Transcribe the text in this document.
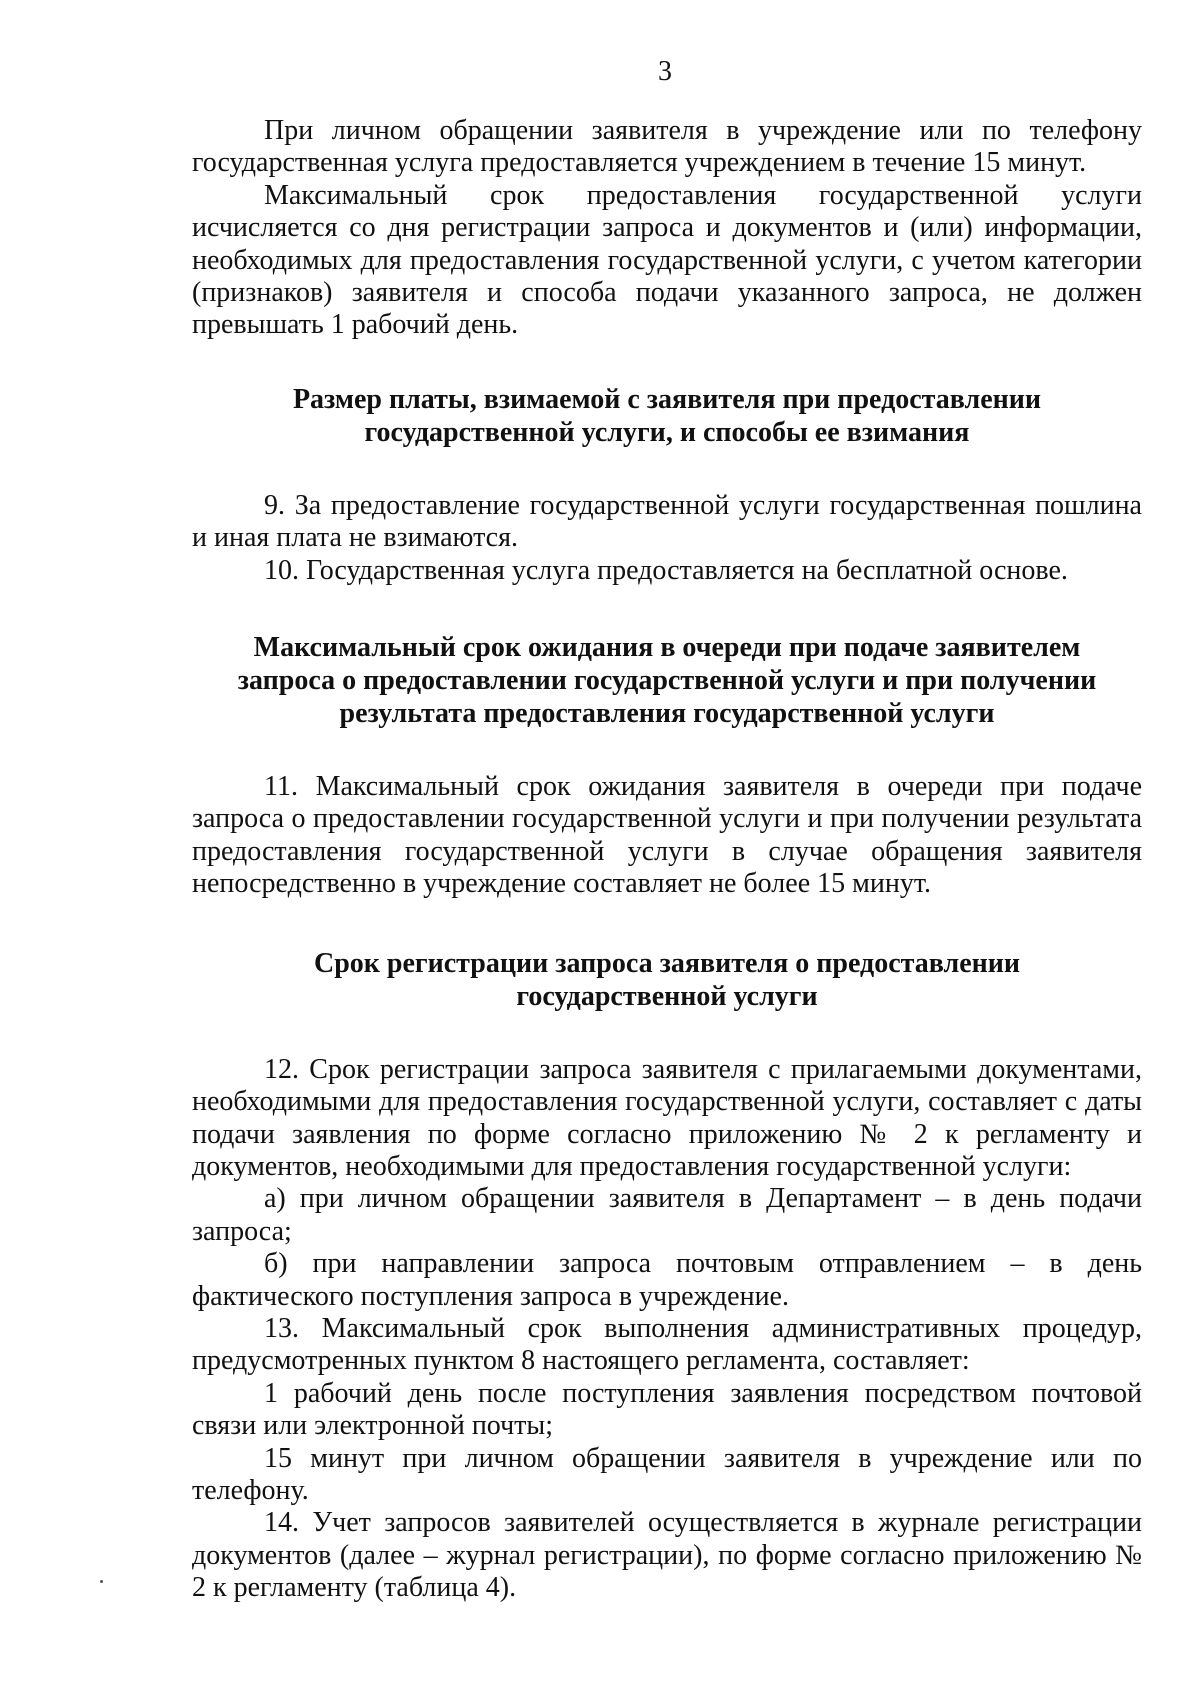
3

При личном обращении заявителя в учреждение или по телефону государственная услуга предоставляется учреждением в течение 15 минут.

Максимальный срок предоставления государственной услуги исчисляется со дня регистрации запроса и документов и (или) информации, необходимых для предоставления государственной услуги, с учетом категории (признаков) заявителя и способа подачи указанного запроса, не должен превышать 1 рабочий день.

Размер платы, взимаемой с заявителя при предоставлении

государственной услуги, и способы ее взимания

9. За предоставление государственной услуги государственная пошлина и иная плата не взимаются.

10. Государственная услуга предоставляется на бесплатной основе.

Максимальный срок ожидания в очереди при подаче заявителем

запроса о предоставлении государственной услуги и при получении

результата предоставления государственной услуги

11. Максимальный срок ожидания заявителя в очереди при подаче запроса о предоставлении государственной услуги и при получении результата предоставления государственной услуги в случае обращения заявителя непосредственно в учреждение составляет не более 15 минут.

Срок регистрации запроса заявителя о предоставлении

государственной услуги

12. Срок регистрации запроса заявителя с прилагаемыми документами, необходимыми для предоставления государственной услуги, составляет с даты подачи заявления по форме согласно приложению № 2 к регламенту и документов, необходимыми для предоставления государственной услуги:

а) при личном обращении заявителя в Департамент – в день подачи запроса;

б) при направлении запроса почтовым отправлением – в день фактического поступления запроса в учреждение.

13. Максимальный срок выполнения административных процедур, предусмотренных пунктом 8 настоящего регламента, составляет:

1 рабочий день после поступления заявления посредством почтовой связи или электронной почты;

15 минут при личном обращении заявителя в учреждение или по телефону.

14. Учет запросов заявителей осуществляется в журнале регистрации документов (далее – журнал регистрации), по форме согласно приложению № 2 к регламенту (таблица 4).
